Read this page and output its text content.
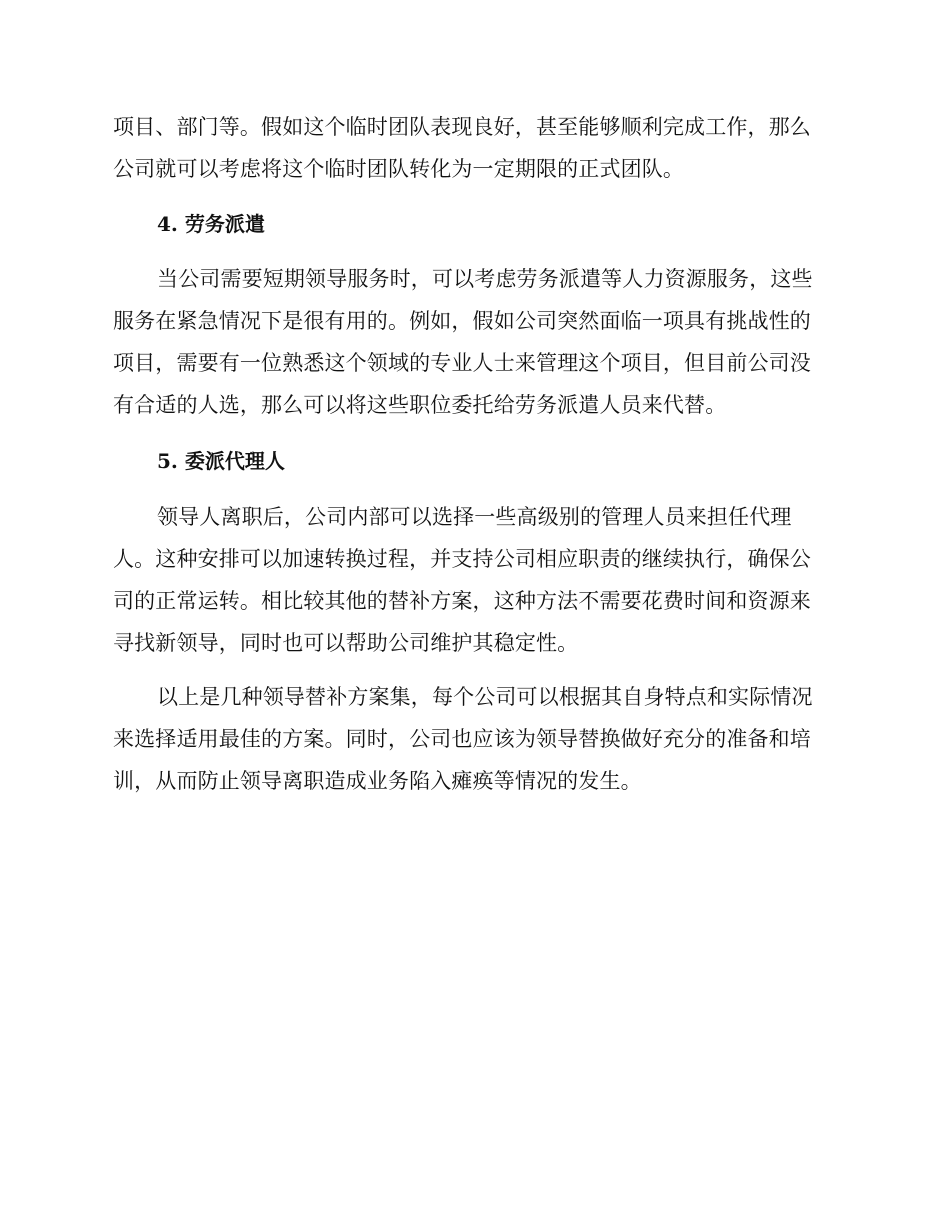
项目、部门等。假如这个临时团队表现良好，甚至能够顺利完成工作，那么
公司就可以考虑将这个临时团队转化为一定期限的正式团队。
4. 劳务派遣
当公司需要短期领导服务时，可以考虑劳务派遣等人力资源服务，这些
服务在紧急情况下是很有用的。例如，假如公司突然面临一项具有挑战性的
项目，需要有一位熟悉这个领域的专业人士来管理这个项目，但目前公司没
有合适的人选，那么可以将这些职位委托给劳务派遣人员来代替。
5. 委派代理人
领导人离职后，公司内部可以选择一些高级别的管理人员来担任代理
人。这种安排可以加速转换过程，并支持公司相应职责的继续执行，确保公
司的正常运转。相比较其他的替补方案，这种方法不需要花费时间和资源来
寻找新领导，同时也可以帮助公司维护其稳定性。
以上是几种领导替补方案集，每个公司可以根据其自身特点和实际情况
来选择适用最佳的方案。同时，公司也应该为领导替换做好充分的准备和培
训，从而防止领导离职造成业务陷入瘫痪等情况的发生。
